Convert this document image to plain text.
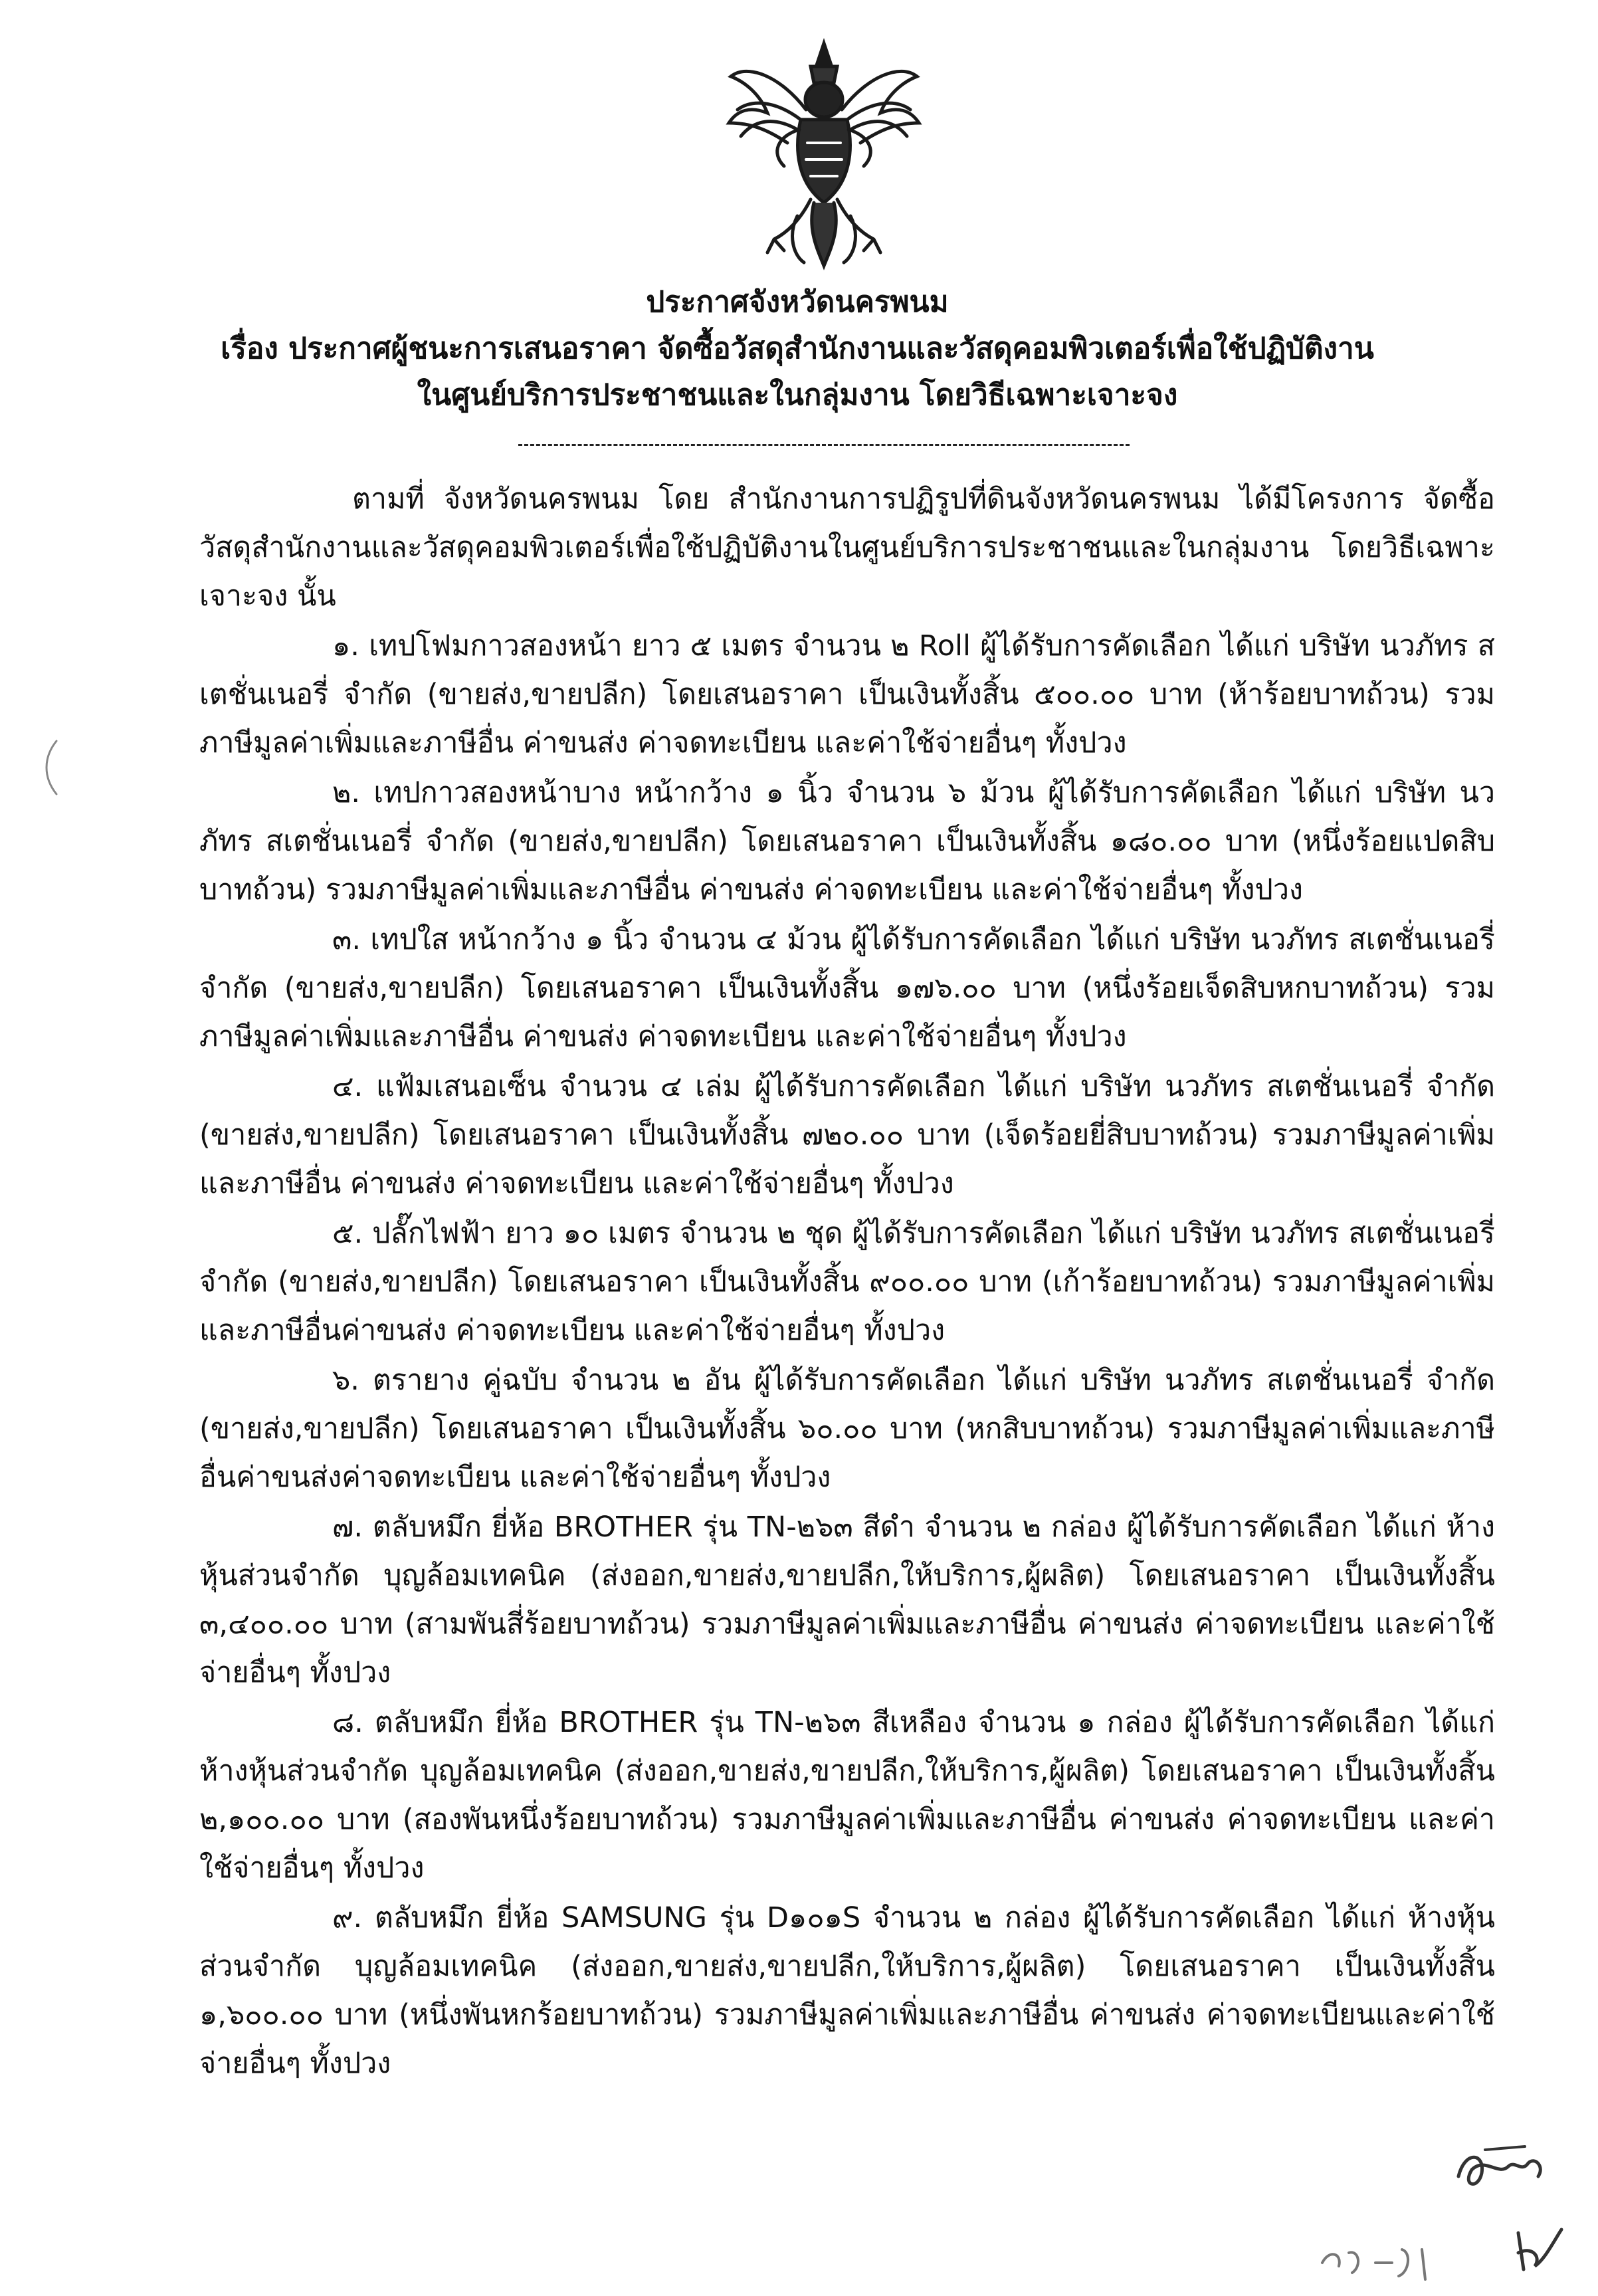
ประกาศจังหวัดนครพนม
เรื่อง ประกาศผู้ชนะการเสนอราคา จัดซื้อวัสดุสำนักงานและวัสดุคอมพิวเตอร์เพื่อใช้ปฏิบัติงาน
ในศูนย์บริการประชาชนและในกลุ่มงาน โดยวิธีเฉพาะเจาะจง

ตามที่ จังหวัดนครพนม โดย สำนักงานการปฏิรูปที่ดินจังหวัดนครพนม ได้มีโครงการ จัดซื้อวัสดุสำนักงานและวัสดุคอมพิวเตอร์เพื่อใช้ปฏิบัติงานในศูนย์บริการประชาชนและในกลุ่มงาน โดยวิธีเฉพาะเจาะจง นั้น

๑. เทปโฟมกาวสองหน้า ยาว ๕ เมตร จำนวน ๒ Roll ผู้ได้รับการคัดเลือก ได้แก่ บริษัท นวภัทร สเตชั่นเนอรี่ จำกัด (ขายส่ง,ขายปลีก) โดยเสนอราคา เป็นเงินทั้งสิ้น ๕๐๐.๐๐ บาท (ห้าร้อยบาทถ้วน) รวมภาษีมูลค่าเพิ่มและภาษีอื่น ค่าขนส่ง ค่าจดทะเบียน และค่าใช้จ่ายอื่นๆ ทั้งปวง

๒. เทปกาวสองหน้าบาง หน้ากว้าง ๑ นิ้ว จำนวน ๖ ม้วน ผู้ได้รับการคัดเลือก ได้แก่ บริษัท นวภัทร สเตชั่นเนอรี่ จำกัด (ขายส่ง,ขายปลีก) โดยเสนอราคา เป็นเงินทั้งสิ้น ๑๘๐.๐๐ บาท (หนึ่งร้อยแปดสิบบาทถ้วน) รวมภาษีมูลค่าเพิ่มและภาษีอื่น ค่าขนส่ง ค่าจดทะเบียน และค่าใช้จ่ายอื่นๆ ทั้งปวง

๓. เทปใส หน้ากว้าง ๑ นิ้ว จำนวน ๔ ม้วน ผู้ได้รับการคัดเลือก ได้แก่ บริษัท นวภัทร สเตชั่นเนอรี่ จำกัด (ขายส่ง,ขายปลีก) โดยเสนอราคา เป็นเงินทั้งสิ้น ๑๗๖.๐๐ บาท (หนึ่งร้อยเจ็ดสิบหกบาทถ้วน) รวมภาษีมูลค่าเพิ่มและภาษีอื่น ค่าขนส่ง ค่าจดทะเบียน และค่าใช้จ่ายอื่นๆ ทั้งปวง

๔. แฟ้มเสนอเซ็น จำนวน ๔ เล่ม ผู้ได้รับการคัดเลือก ได้แก่ บริษัท นวภัทร สเตชั่นเนอรี่ จำกัด (ขายส่ง,ขายปลีก) โดยเสนอราคา เป็นเงินทั้งสิ้น ๗๒๐.๐๐ บาท (เจ็ดร้อยยี่สิบบาทถ้วน) รวมภาษีมูลค่าเพิ่มและภาษีอื่น ค่าขนส่ง ค่าจดทะเบียน และค่าใช้จ่ายอื่นๆ ทั้งปวง

๕. ปลั๊กไฟฟ้า ยาว ๑๐ เมตร จำนวน ๒ ชุด ผู้ได้รับการคัดเลือก ได้แก่ บริษัท นวภัทร สเตชั่นเนอรี่ จำกัด (ขายส่ง,ขายปลีก) โดยเสนอราคา เป็นเงินทั้งสิ้น ๙๐๐.๐๐ บาท (เก้าร้อยบาทถ้วน) รวมภาษีมูลค่าเพิ่มและภาษีอื่นค่าขนส่ง ค่าจดทะเบียน และค่าใช้จ่ายอื่นๆ ทั้งปวง

๖. ตรายาง คู่ฉบับ จำนวน ๒ อัน ผู้ได้รับการคัดเลือก ได้แก่ บริษัท นวภัทร สเตชั่นเนอรี่ จำกัด (ขายส่ง,ขายปลีก) โดยเสนอราคา เป็นเงินทั้งสิ้น ๖๐.๐๐ บาท (หกสิบบาทถ้วน) รวมภาษีมูลค่าเพิ่มและภาษีอื่นค่าขนส่งค่าจดทะเบียน และค่าใช้จ่ายอื่นๆ ทั้งปวง

๗. ตลับหมึก ยี่ห้อ BROTHER รุ่น TN-๒๖๓ สีดำ จำนวน ๒ กล่อง ผู้ได้รับการคัดเลือก ได้แก่ ห้างหุ้นส่วนจำกัด บุญล้อมเทคนิค (ส่งออก,ขายส่ง,ขายปลีก,ให้บริการ,ผู้ผลิต) โดยเสนอราคา เป็นเงินทั้งสิ้น ๓,๔๐๐.๐๐ บาท (สามพันสี่ร้อยบาทถ้วน) รวมภาษีมูลค่าเพิ่มและภาษีอื่น ค่าขนส่ง ค่าจดทะเบียน และค่าใช้จ่ายอื่นๆ ทั้งปวง

๘. ตลับหมึก ยี่ห้อ BROTHER รุ่น TN-๒๖๓ สีเหลือง จำนวน ๑ กล่อง ผู้ได้รับการคัดเลือก ได้แก่ ห้างหุ้นส่วนจำกัด บุญล้อมเทคนิค (ส่งออก,ขายส่ง,ขายปลีก,ให้บริการ,ผู้ผลิต) โดยเสนอราคา เป็นเงินทั้งสิ้น ๒,๑๐๐.๐๐ บาท (สองพันหนึ่งร้อยบาทถ้วน) รวมภาษีมูลค่าเพิ่มและภาษีอื่น ค่าขนส่ง ค่าจดทะเบียน และค่าใช้จ่ายอื่นๆ ทั้งปวง

๙. ตลับหมึก ยี่ห้อ SAMSUNG รุ่น D๑๐๑S จำนวน ๒ กล่อง ผู้ได้รับการคัดเลือก ได้แก่ ห้างหุ้นส่วนจำกัด บุญล้อมเทคนิค (ส่งออก,ขายส่ง,ขายปลีก,ให้บริการ,ผู้ผลิต) โดยเสนอราคา เป็นเงินทั้งสิ้น ๑,๖๐๐.๐๐ บาท (หนึ่งพันหกร้อยบาทถ้วน) รวมภาษีมูลค่าเพิ่มและภาษีอื่น ค่าขนส่ง ค่าจดทะเบียนและค่าใช้จ่ายอื่นๆ ทั้งปวง
